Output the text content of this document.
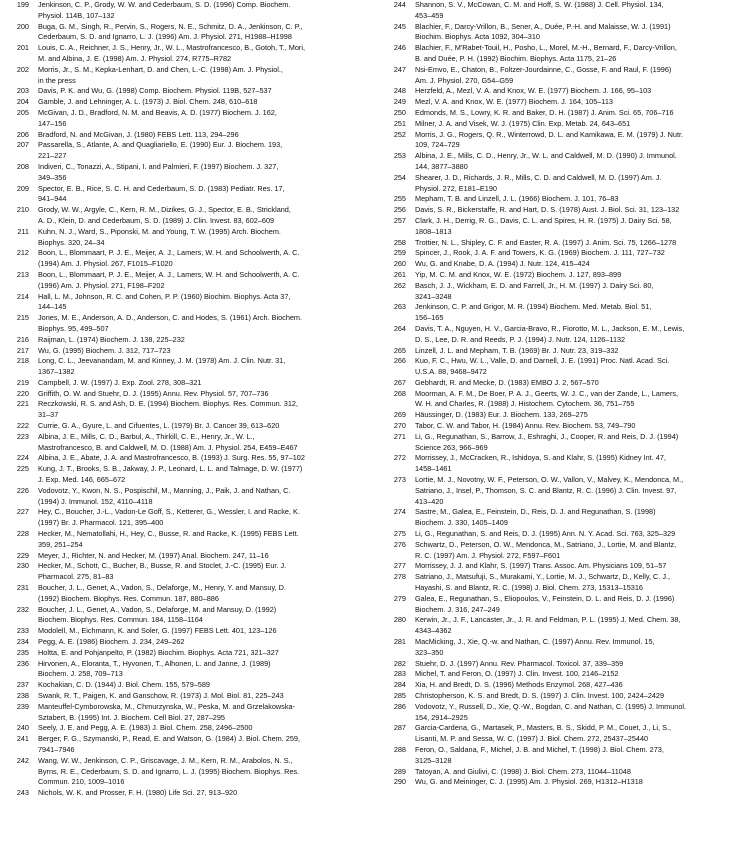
199	Jenkinson, C. P., Grody, W. W. and Cederbaum, S. D. (1996) Comp. Biochem.
Physiol. 114B, 107–132
200	Buga, G. M., Singh, R., Pervin, S., Rogers, N. E., Schmitz, D. A., Jenkinson, C. P.,
Cederbaum, S. D. and Ignarro, L. J. (1996) Am. J. Physiol. 271, H1988–H1998
201	Louis, C. A., Reichner, J. S., Henry, Jr., W. L., Mastrofrancesco, B., Gotoh, T., Mori,
M. and Albina, J. E. (1998) Am. J. Physiol. 274, R775–R782
202	Morris, Jr., S. M., Kepka-Lenhart, D. and Chen, L.-C. (1998) Am. J. Physiol.,
in the press
203	Davis, P. K. and Wu, G. (1998) Comp. Biochem. Physiol. 119B, 527–537
204	Gamble, J. and Lehninger, A. L. (1973) J. Biol. Chem. 248, 610–618
205	McGivan, J. D., Bradford, N. M. and Beavis, A. D. (1977) Biochem. J. 162,
147–156
206	Bradford, N. and McGivan, J. (1980) FEBS Lett. 113, 294–296
207	Passarella, S., Atlante, A. and Quagliariello, E. (1990) Eur. J. Biochem. 193,
221–227
208	Indiveri, C., Tonazzi, A., Stipani, I. and Palmieri, F. (1997) Biochem. J. 327,
349–356
209	Spector, E. B., Rice, S. C. H. and Cederbaum, S. D. (1983) Pediatr. Res. 17,
941–944
210	Grody, W. W., Argyle, C., Kern, R. M., Dizikes, G. J., Spector, E. B., Strickland,
A. D., Klein, D. and Cederbaum, S. D. (1989) J. Clin. Invest. 83, 602–609
211	Kuhn, N. J., Ward, S., Piponski, M. and Young, T. W. (1995) Arch. Biochem.
Biophys. 320, 24–34
212	Boon, L., Blommaart, P. J. E., Meijer, A. J., Lamers, W. H. and Schoolwerth, A. C.
(1994) Am. J. Physiol. 267, F1015–F1020
213	Boon, L., Blommaart, P. J. E., Meijer, A. J., Lamers, W. H. and Schoolwerth, A. C.
(1996) Am. J. Physiol. 271, F198–F202
214	Hall, L. M., Johnson, R. C. and Cohen, P. P. (1960) Biochim. Biophys. Acta 37,
144–145
215	Jones, M. E., Anderson, A. D., Anderson, C. and Hodes, S. (1961) Arch. Biochem.
Biophys. 95, 499–507
216	Raijman, L. (1974) Biochem. J. 138, 225–232
217	Wu, G. (1995) Biochem. J. 312, 717–723
218	Long, C. L., Jeevanandam, M. and Kinney, J. M. (1978) Am. J. Clin. Nutr. 31,
1367–1382
219	Campbell, J. W. (1997) J. Exp. Zool. 278, 308–321
220	Griffith, O. W. and Stuehr, D. J. (1995) Annu. Rev. Physiol. 57, 707–736
221	Reczkowski, R. S. and Ash, D. E. (1994) Biochem. Biophys. Res. Commun. 312,
31–37
222	Currie, G. A., Gyure, L. and Cifuentes, L. (1979) Br. J. Cancer 39, 613–620
223	Albina, J. E., Mills, C. D., Barbul, A., Thirkill, C. E., Henry, Jr., W. L.,
Mastrofrancesco, B. and Caldwell, M. D. (1988) Am. J. Physiol. 254, E459–E467
224	Albina, J. E., Abate, J. A. and Mastrofrancesco, B. (1993) J. Surg. Res. 55, 97–102
225	Kung, J. T., Brooks, S. B., Jakway, J. P., Leonard, L. L. and Talmage, D. W. (1977)
J. Exp. Med. 146, 665–672
226	Vodovotz, Y., Kwon, N. S., Pospischil, M., Manning, J., Paik, J. and Nathan, C.
(1994) J. Immunol. 152, 4110–4118
227	Hey, C., Boucher, J.-L., Vadon-Le Goff, S., Ketterer, G., Wessler, I. and Racke, K.
(1997) Br. J. Pharmacol. 121, 395–400
228	Hecker, M., Nematollahi, H., Hey, C., Busse, R. and Racke, K. (1995) FEBS Lett.
359, 251–254
229	Meyer, J., Richter, N. and Hecker, M. (1997) Anal. Biochem. 247, 11–16
230	Hecker, M., Schott, C., Bucher, B., Busse, R. and Stoclet, J.-C. (1995) Eur. J.
Pharmacol. 275, 81–83
231	Boucher, J. L., Genet, A., Vadon, S., Delaforge, M., Henry, Y. and Mansuy, D.
(1992) Biochem. Biophys. Res. Commun. 187, 880–886
232	Boucher, J. L., Genet, A., Vadon, S., Delaforge, M. and Mansuy, D. (1992)
Biochem. Biophys. Res. Commun. 184, 1158–1164
233	Modolell, M., Eichmann, K. and Soler, G. (1997) FEBS Lett. 401, 123–126
234	Pegg, A. E. (1986) Biochem. J. 234, 249–262
235	Holtta, E. and Pohjanpelto, P. (1982) Biochim. Biophys. Acta 721, 321–327
236	Hirvonen, A., Eloranta, T., Hyvonen, T., Alhonen, L. and Janne, J. (1989)
Biochem. J. 258, 709–713
237	Kochakian, C. D. (1944) J. Biol. Chem. 155, 579–589
238	Swank, R. T., Paigen, K. and Ganschow, R. (1973) J. Mol. Biol. 81, 225–243
239	Manteuffel-Cymborowska, M., Chmurzynska, W., Peska, M. and Grzelakowska-
Sztabert, B. (1995) Int. J. Biochem. Cell Biol. 27, 287–295
240	Seely, J. E. and Pegg, A. E. (1983) J. Biol. Chem. 258, 2496–2500
241	Berger, F. G., Szymanski, P., Read, E. and Watson, G. (1984) J. Biol. Chem. 259,
7941–7946
242	Wang, W. W., Jenkinson, C. P., Griscavage, J. M., Kern, R. M., Arabolos, N. S.,
Byrns, R. E., Cederbaum, S. D. and Ignarro, L. J. (1995) Biochem. Biophys. Res.
Commun. 210, 1009–1016
243	Nichols, W. K. and Prosser, F. H. (1980) Life Sci. 27, 913–920
244	Shannon, S. V., McCowan, C. M. and Hoff, S. W. (1988) J. Cell. Physiol. 134,
453–459
245	Blachier, F., Darcy-Vrillon, B., Sener, A., Duée, P.-H. and Malaisse, W. J. (1991)
Biochim. Biophys. Acta 1092, 304–310
246	Blachier, F., M'Rabet-Touil, H., Posho, L., Morel, M.-H., Bernard, F., Darcy-Vrillon,
B. and Duée, P. H. (1992) Biochim. Biophys. Acta 1175, 21–26
247	Nsi-Emvo, E., Chaton, B., Foltzer-Jourdainne, C., Gosse, F. and Raul, F. (1996)
Am. J. Physiol. 270, G54–G59
248	Herzfeld, A., Mezl, V. A. and Knox, W. E. (1977) Biochem. J. 166, 95–103
249	Mezl, V. A. and Knox, W. E. (1977) Biochem. J. 164, 105–113
250	Edmonds, M. S., Lowry, K. R. and Baker, D. H. (1987) J. Anim. Sci. 65, 706–716
251	Milner, J. A. and Visek, W. J. (1975) Clin. Exp. Metab. 24, 643–651
252	Morris, J. G., Rogers, Q. R., Winterrowd, D. L. and Kamikawa, E. M. (1979) J. Nutr.
109, 724–729
253	Albina, J. E., Mills, C. D., Henry, Jr., W. L. and Caldwell, M. D. (1990) J. Immunol.
144, 3877–3880
254	Shearer, J. D., Richards, J. R., Mills, C. D. and Caldwell, M. D. (1997) Am. J.
Physiol. 272, E181–E190
255	Mepham, T. B. and Linzell, J. L. (1966) Biochem. J. 101, 76–83
256	Davis, S. R., Bickerstaffe, R. and Hart, D. S. (1978) Aust. J. Biol. Sci. 31, 123–132
257	Clark, J. H., Derrig, R. G., Davis, C. L. and Spires, H. R. (1975) J. Dairy Sci. 58,
1808–1813
258	Trottier, N. L., Shipley, C. F. and Easter, R. A. (1997) J. Anim. Sci. 75, 1266–1278
259	Spincer, J., Rook, J. A. F. and Towers, K. G. (1969) Biochem. J. 111, 727–732
260	Wu, G. and Knabe, D. A. (1994) J. Nutr. 124, 415–424
261	Yip, M. C. M. and Knox, W. E. (1972) Biochem. J. 127, 893–899
262	Basch, J. J., Wickham, E. D. and Farrell, Jr., H. M. (1997) J. Dairy Sci. 80,
3241–3248
263	Jenkinson, C. P. and Grigor, M. R. (1994) Biochem. Med. Metab. Biol. 51,
156–165
264	Davis, T. A., Nguyen, H. V., Garcia-Bravo, R., Fiorotto, M. L., Jackson, E. M., Lewis,
D. S., Lee, D. R. and Reeds, P. J. (1994) J. Nutr. 124, 1126–1132
265	Linzell, J. L. and Mepham, T. B. (1969) Br. J. Nutr. 23, 319–332
266	Kuo, F. C., Hwu, W. L., Valle, D. and Darnell, J. E. (1991) Proc. Natl. Acad. Sci.
U.S.A. 88, 9468–9472
267	Gebhardt, R. and Mecke, D. (1983) EMBO J. 2, 567–570
268	Moorman, A. F. M., De Boer, P. A. J., Geerts, W. J. C., van der Zande, L., Lamers,
W. H. and Charles, R. (1988) J. Histochem. Cytochem. 36, 751–755
269	Häussinger, D. (1983) Eur. J. Biochem. 133, 269–275
270	Tabor, C. W. and Tabor, H. (1984) Annu. Rev. Biochem. 53, 749–790
271	Li, G., Regunathan, S., Barrow, J., Eshraghi, J., Cooper, R. and Reis, D. J. (1994)
Science 263, 966–969
272	Morrissey, J., McCracken, R., Ishidoya, S. and Klahr, S. (1995) Kidney Int. 47,
1458–1461
273	Lortie, M. J., Novotny, W. F., Peterson, O. W., Vallon, V., Malvey, K., Mendonca, M.,
Satriano, J., Insel, P., Thomson, S. C. and Blantz, R. C. (1996) J. Clin. Invest. 97,
413–420
274	Sastre, M., Galea, E., Feinstein, D., Reis, D. J. and Regunathan, S. (1998)
Biochem. J. 330, 1405–1409
275	Li, G., Regunathan, S. and Reis, D. J. (1995) Ann. N. Y. Acad. Sci. 763, 325–329
276	Schwartz, D., Peterson, O. W., Mendonca, M., Satriano, J., Lortie, M. and Blantz,
R. C. (1997) Am. J. Physiol. 272, F597–F601
277	Morrissey, J. J. and Klahr, S. (1997) Trans. Assoc. Am. Physicians 109, 51–57
278	Satriano, J., Matsufuji, S., Murakami, Y., Lortie, M. J., Schwartz, D., Kelly, C. J.,
Hayashi, S. and Blantz, R. C. (1998) J. Biol. Chem. 273, 15313–15316
279	Galea, E., Regunathan, S., Eliopoulos, V., Feinstein, D. L. and Reis, D. J. (1996)
Biochem. J. 316, 247–249
280	Kerwin, Jr., J. F., Lancaster, Jr., J. R. and Feldman, P. L. (1995) J. Med. Chem. 38,
4343–4362
281	MacMicking, J., Xie, Q.-w. and Nathan, C. (1997) Annu. Rev. Immunol. 15,
323–350
282	Stuehr, D. J. (1997) Annu. Rev. Pharmacol. Toxicol. 37, 339–359
283	Michel, T. and Feron, O. (1997) J. Clin. Invest. 100, 2146–2152
284	Xia, H. and Bredt, D. S. (1996) Methods Enzymol. 268, 427–436
285	Christopherson, K. S. and Bredt, D. S. (1997) J. Clin. Invest. 100, 2424–2429
286	Vodovotz, Y., Russell, D., Xie, Q.-W., Bogdan, C. and Nathan, C. (1995) J. Immunol.
154, 2914–2925
287	Garcia-Cardena, G., Martasek, P., Masters, B. S., Skidd, P. M., Couet, J., Li, S.,
Lisanti, M. P. and Sessa, W. C. (1997) J. Biol. Chem. 272, 25437–25440
288	Feron, O., Saldana, F., Michel, J. B. and Michel, T. (1998) J. Biol. Chem. 273,
3125–3128
289	Tatoyan, A. and Giulivi, C. (1998) J. Biol. Chem. 273, 11044–11048
290	Wu, G. and Meininger, C. J. (1995) Am. J. Physiol. 269, H1312–H1318
